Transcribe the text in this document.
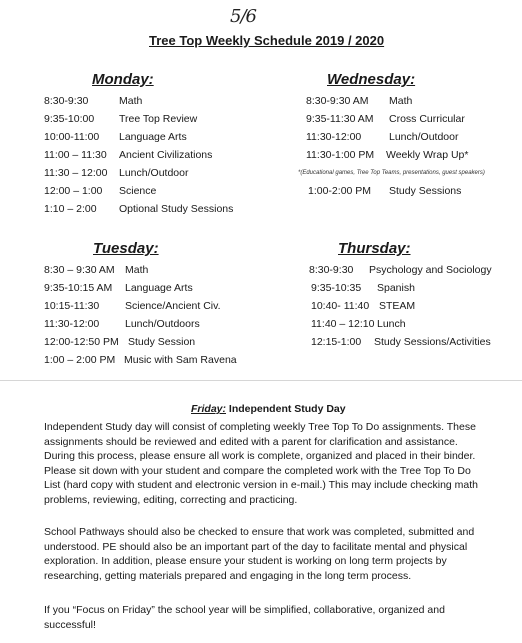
5/6
Tree Top Weekly Schedule 2019 / 2020
Monday:
8:30-9:30	Math
9:35-10:00 Tree Top Review
10:00-11:00 Language Arts
11:00 – 11:30 Ancient Civilizations
11:30 – 12:00 Lunch/Outdoor
12:00 – 1:00 Science
1:10 – 2:00 Optional Study Sessions
Wednesday:
8:30-9:30 AM Math
9:35-11:30 AM Cross Curricular
11:30-12:00	Lunch/Outdoor
11:30-1:00 PM Weekly Wrap Up*
*(Educational games, Tree Top Teams, presentations, guest speakers)
1:00-2:00 PM Study Sessions
Tuesday:
8:30 – 9:30 AM Math
9:35-10:15 AM Language Arts
10:15-11:30 Science/Ancient Civ.
11:30-12:00 Lunch/Outdoors
12:00-12:50 PM Study Session
1:00 – 2:00 PM Music with Sam Ravena
Thursday:
8:30-9:30 Psychology and Sociology
9:35-10:35 Spanish
10:40- 11:40 STEAM
11:40 – 12:10 Lunch
12:15-1:00 Study Sessions/Activities
Friday: Independent Study Day

Independent Study day will consist of completing weekly Tree Top To Do assignments. These assignments should be reviewed and edited with a parent for clarification and assistance. During this process, please ensure all work is complete, organized and placed in their binder. Please sit down with your student and compare the completed work with the Tree Top To Do List (hard copy with student and electronic version in e-mail.) This may include checking math problems, reviewing, editing, correcting and practicing.

School Pathways should also be checked to ensure that work was completed, submitted and understood. PE should also be an important part of the day to facilitate mental and physical exploration. In addition, please ensure your student is working on long term projects by researching, getting materials prepared and engaging in the long term process.

If you “Focus on Friday” the school year will be simplified, collaborative, organized and successful!
